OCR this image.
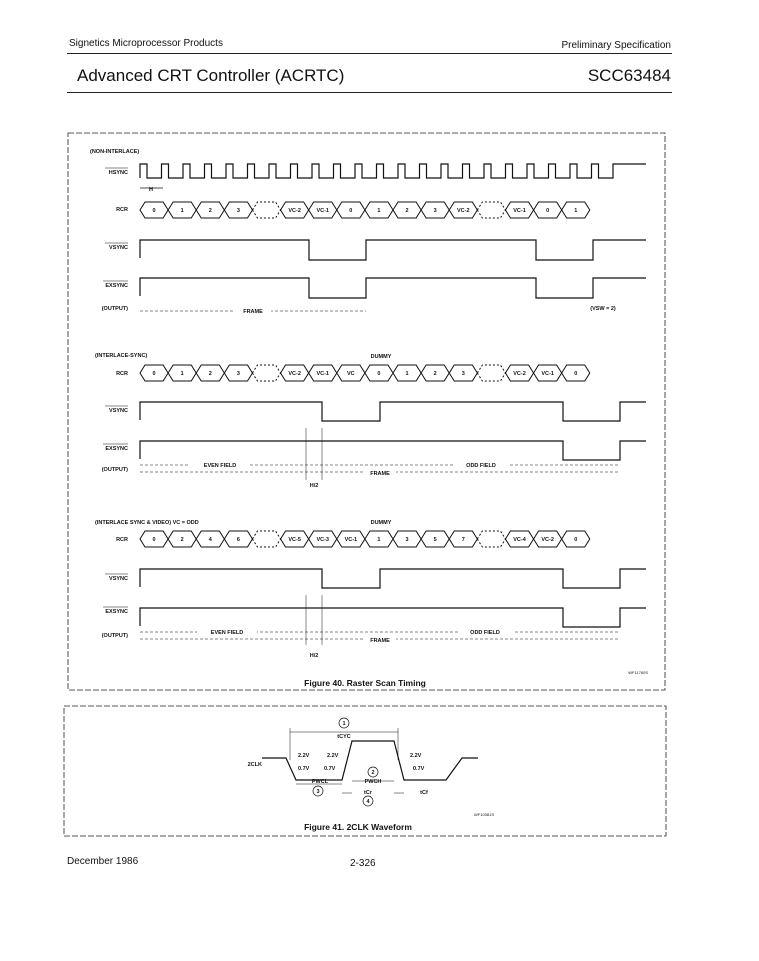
Signetics Microprocessor Products	Preliminary Specification
Advanced CRT Controller (ACRTC)	SCC63484
(NON-INTERLACE)
HSYNC
RCR
VSYNC
EXSYNC
(OUTPUT)
H
0	1	2	3	VC-2	VC-1	0	1	2	3	VC-2	VC-1	0	1
FRAME	(VSW = 2)
(INTERLACE-SYNC)	DUMMY
RCR
VSYNC
EXSYNC
(OUTPUT)
0	1	2	3	VC-2	VC-1	VC	0	1	2	3	VC-2	VC-1	0
EVEN FIELD	ODD FIELD
FRAME
H/2
(INTERLACE SYNC & VIDEO) VC = ODD	DUMMY
RCR
VSYNC
EXSYNC
(OUTPUT)
0	2	4	6	VC-5	VC-3	VC-1	1	3	5	7	VC-4	VC-2	0
EVEN FIELD	ODD FIELD
FRAME
H/2
WF11760S
Figure 40. Raster Scan Timing
2CLK
1
tCYC
2.2V
0.7V
2.2V
0.7V
2.2V
0.7V
PWCL
3
2
PWCH
tCr
4
tCf
WF10381S
Figure 41. 2CLK Waveform
December 1986	2-326
